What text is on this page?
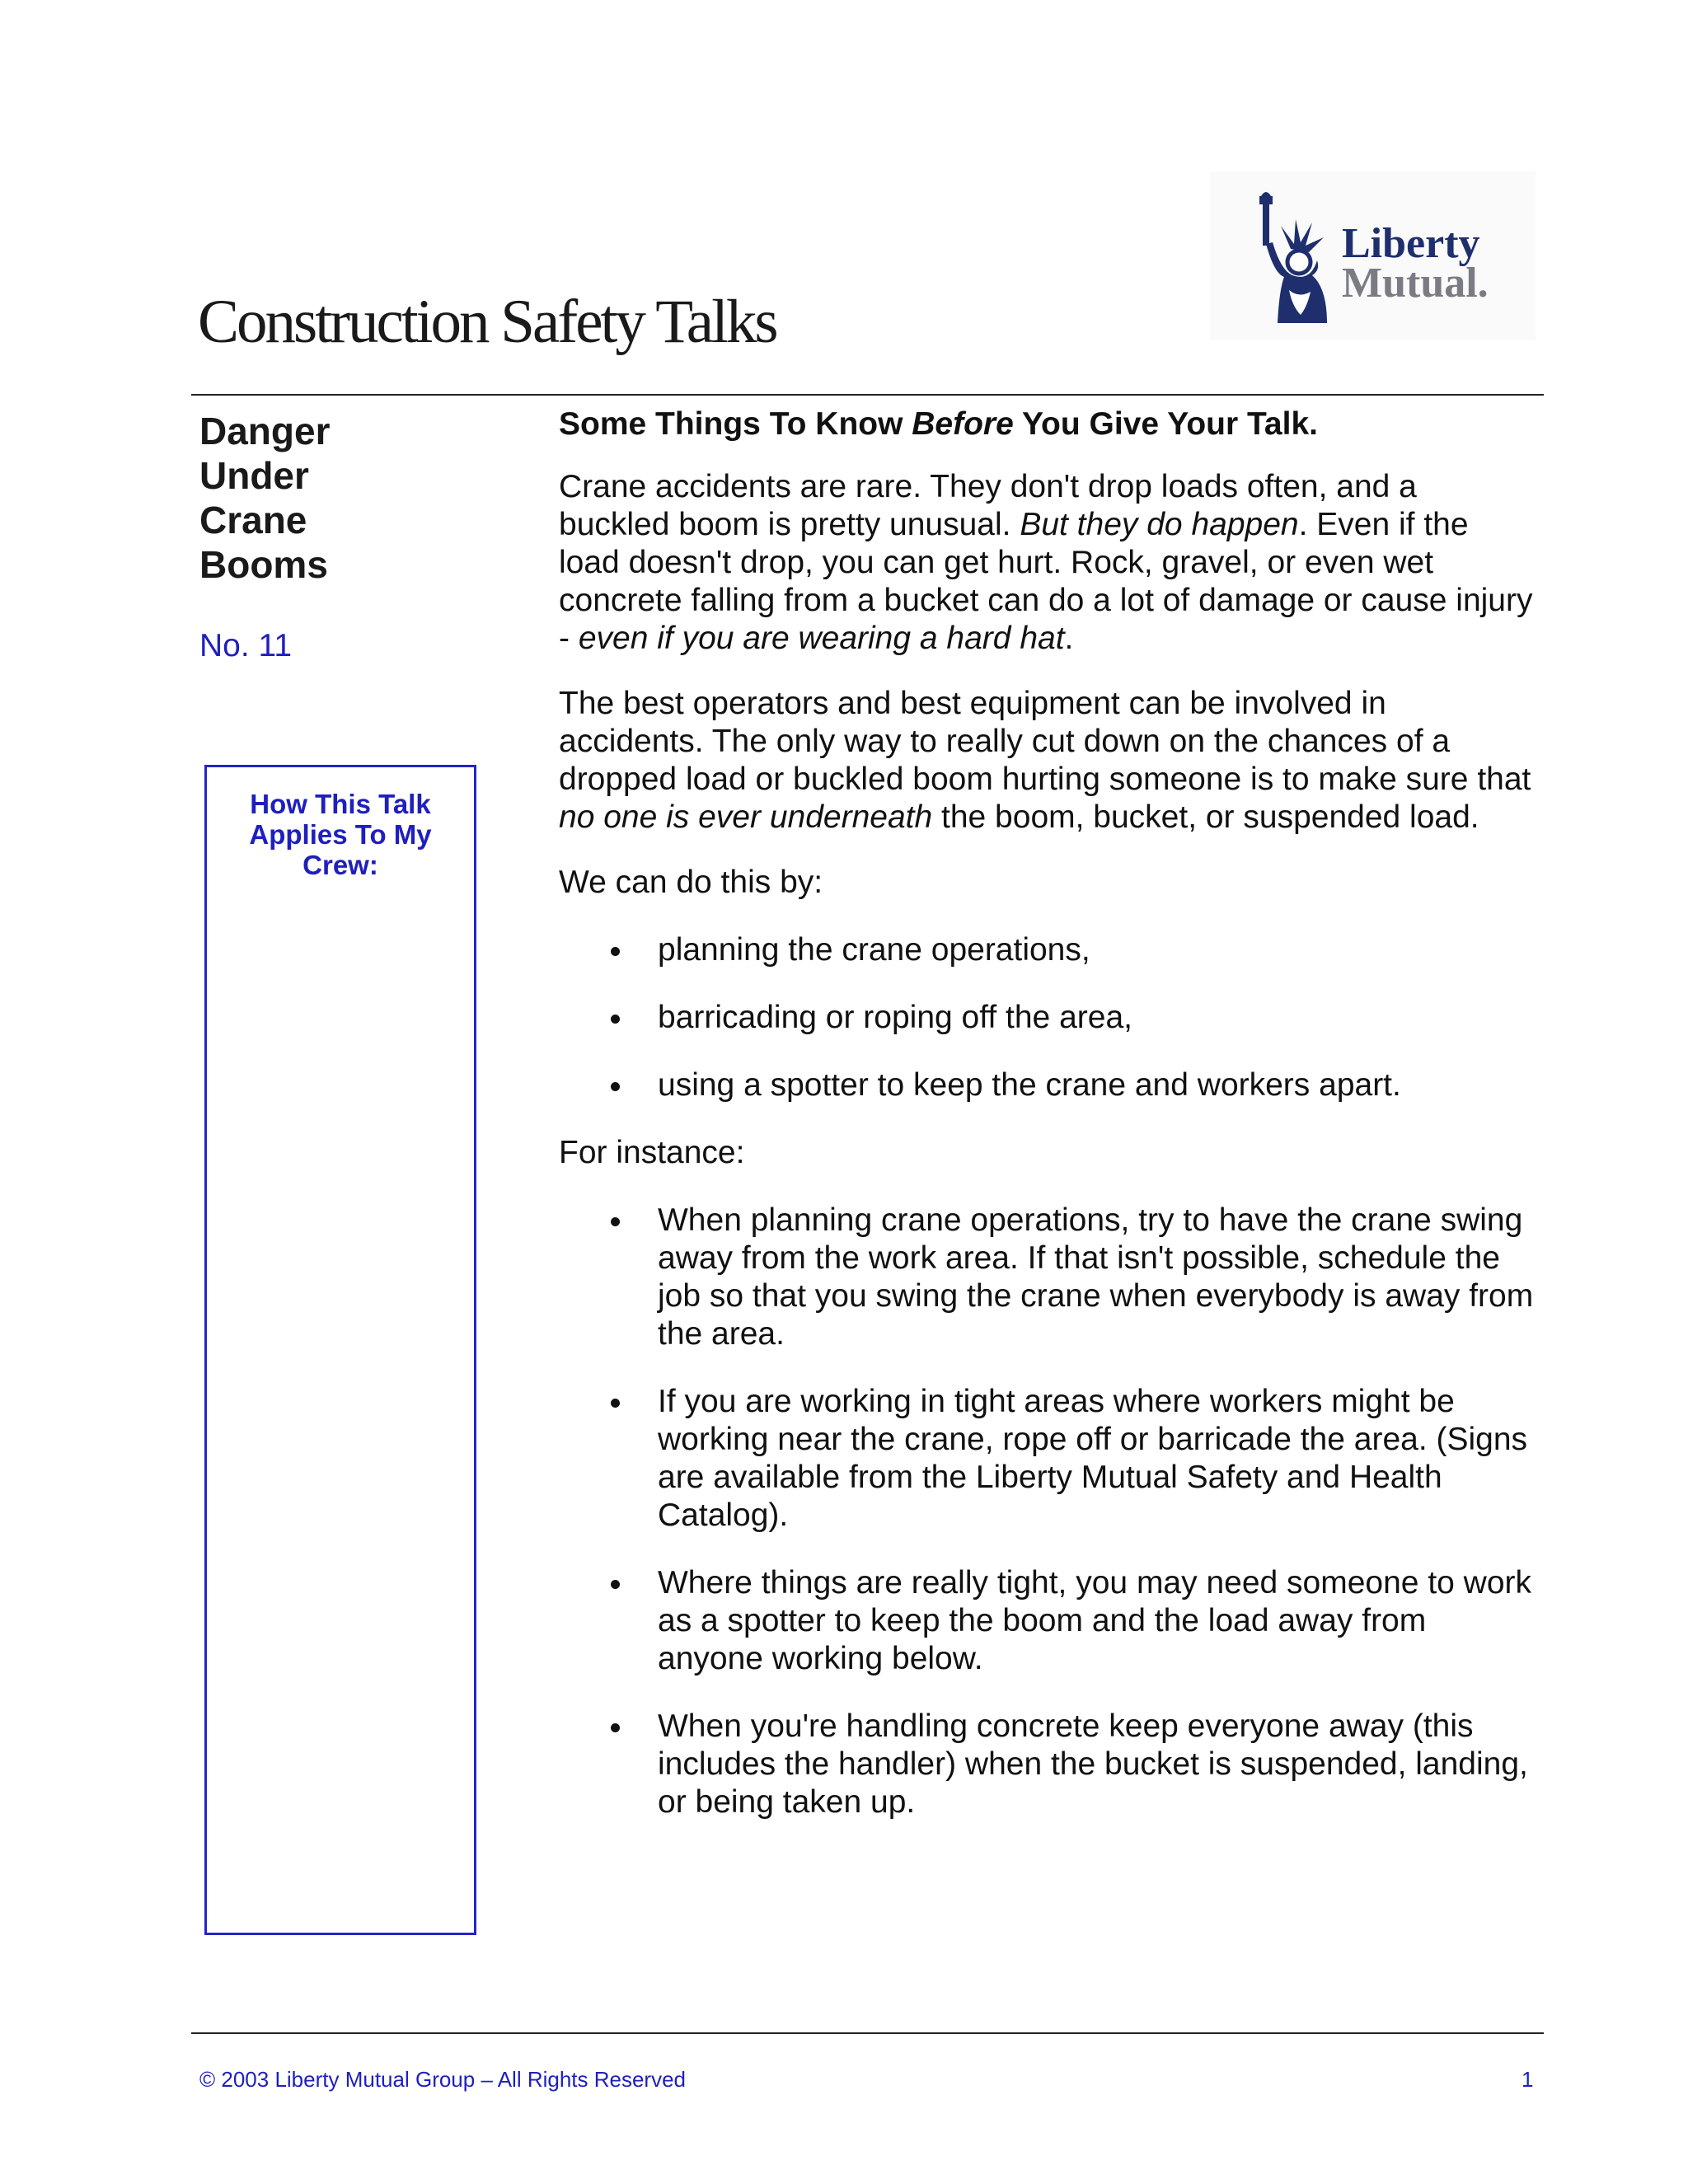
Liberty
Mutual.
Construction Safety Talks
Danger
Under
Crane
Booms
No. 11
How This Talk Applies To My Crew:
Some Things To Know Before You Give Your Talk.

Crane accidents are rare. They don't drop loads often, and a buckled boom is pretty unusual. But they do happen. Even if the load doesn't drop, you can get hurt. Rock, gravel, or even wet concrete falling from a bucket can do a lot of damage or cause injury - even if you are wearing a hard hat.

The best operators and best equipment can be involved in accidents. The only way to really cut down on the chances of a dropped load or buckled boom hurting someone is to make sure that no one is ever underneath the boom, bucket, or suspended load.

We can do this by:

planning the crane operations,
barricading or roping off the area,
using a spotter to keep the crane and workers apart.

For instance:

When planning crane operations, try to have the crane swing away from the work area. If that isn't possible, schedule the job so that you swing the crane when everybody is away from the area.
If you are working in tight areas where workers might be working near the crane, rope off or barricade the area. (Signs are available from the Liberty Mutual Safety and Health Catalog).
Where things are really tight, you may need someone to work as a spotter to keep the boom and the load away from anyone working below.
When you're handling concrete keep everyone away (this includes the handler) when the bucket is suspended, landing, or being taken up.
© 2003 Liberty Mutual Group – All Rights Reserved	1
